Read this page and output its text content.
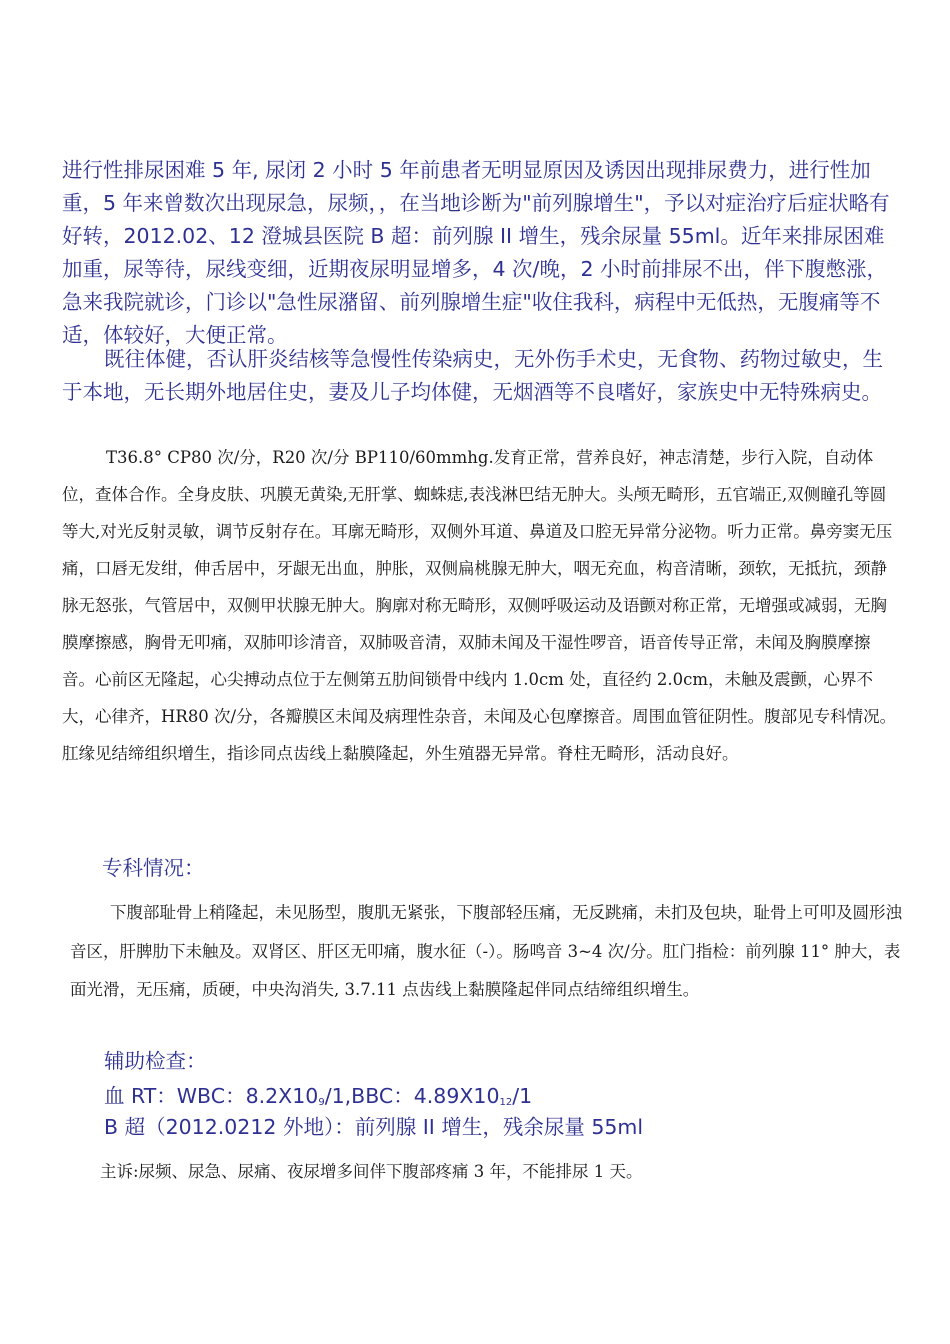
进行性排尿困难 5 年, 尿闭 2 小时 5 年前患者无明显原因及诱因出现排尿费力，进行性加重，5 年来曾数次出现尿急，尿频，，在当地诊断为"前列腺增生"，予以对症治疗后症状略有好转，2012.02、12 澄城县医院 B 超：前列腺 II 增生，残余尿量 55ml。近年来排尿困难加重，尿等待，尿线变细，近期夜尿明显增多，4 次/晚，2 小时前排尿不出，伴下腹憋涨，急来我院就诊，门诊以"急性尿潴留、前列腺增生症"收住我科，病程中无低热，无腹痛等不适，体较好，大便正常。

既往体健，否认肝炎结核等急慢性传染病史，无外伤手术史，无食物、药物过敏史，生于本地，无长期外地居住史，妻及儿子均体健，无烟酒等不良嗜好，家族史中无特殊病史。

T36.8° CP80 次/分，R20 次/分 BP110/60mmhg.发育正常，营养良好，神志清楚，步行入院，自动体位，查体合作。全身皮肤、巩膜无黄染,无肝掌、蜘蛛痣,表浅淋巴结无肿大。头颅无畸形，五官端正,双侧瞳孔等圆等大,对光反射灵敏，调节反射存在。耳廓无畸形，双侧外耳道、鼻道及口腔无异常分泌物。听力正常。鼻旁窦无压痛，口唇无发绀，伸舌居中，牙龈无出血，肿胀，双侧扁桃腺无肿大，咽无充血，构音清晰，颈软，无抵抗，颈静脉无怒张，气管居中，双侧甲状腺无肿大。胸廓对称无畸形，双侧呼吸运动及语颤对称正常，无增强或减弱，无胸膜摩擦感，胸骨无叩痛，双肺叩诊清音，双肺吸音清，双肺未闻及干湿性啰音，语音传导正常，未闻及胸膜摩擦音。心前区无隆起，心尖搏动点位于左侧第五肋间锁骨中线内 1.0cm 处，直径约 2.0cm，未触及震颤，心界不大，心律齐，HR80 次/分，各瓣膜区未闻及病理性杂音，未闻及心包摩擦音。周围血管征阴性。腹部见专科情况。肛缘见结缔组织增生，指诊同点齿线上黏膜隆起，外生殖器无异常。脊柱无畸形，活动良好。

专科情况：

下腹部耻骨上稍隆起，未见肠型，腹肌无紧张，下腹部轻压痛，无反跳痛，未扪及包块，耻骨上可叩及圆形浊音区，肝脾肋下未触及。双肾区、肝区无叩痛，腹水征（-）。肠鸣音 3~4 次/分。肛门指检：前列腺 11° 肿大，表面光滑，无压痛，质硬，中央沟消失, 3.7.11 点齿线上黏膜隆起伴同点结缔组织增生。

辅助检查：

血 RT：WBC：$8.2X10_9/1,BBC$：$4.89X10_{12}/1$

B 超（2012.0212 外地）：前列腺 II 增生，残余尿量 55ml

主诉:尿频、尿急、尿痛、夜尿增多间伴下腹部疼痛 3 年，不能排尿 1 天。
